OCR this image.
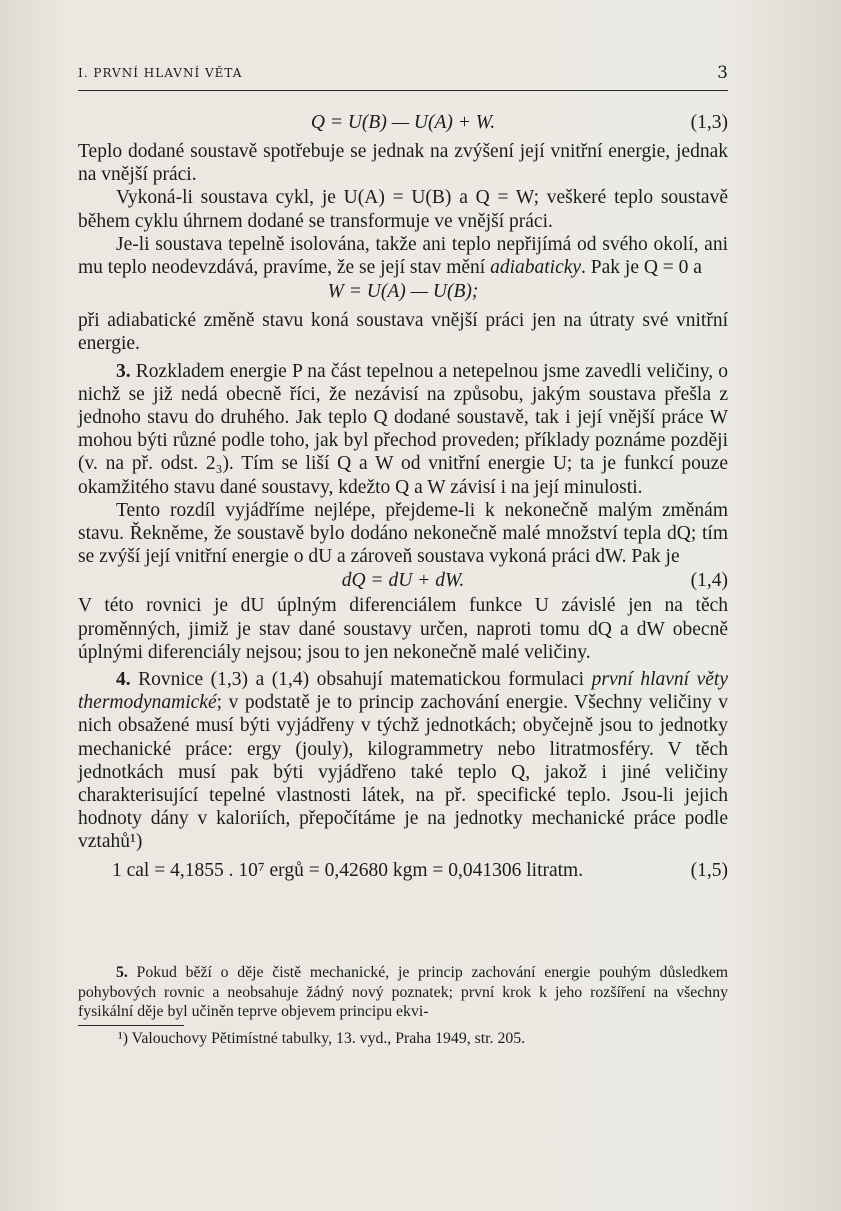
I. PRVNÍ HLAVNÍ VĚTA	3
Q = U(B) — U(A) + W.	(1,3)

Teplo dodané soustavě spotřebuje se jednak na zvýšení její vnitřní energie, jednak na vnější práci.

Vykoná-li soustava cykl, je U(A) = U(B) a Q = W; veškeré teplo soustavě během cyklu úhrnem dodané se transformuje ve vnější práci.

Je-li soustava tepelně isolována, takže ani teplo nepřijímá od svého okolí, ani mu teplo neodevzdává, pravíme, že se její stav mění adiabaticky. Pak je Q = 0 a

W = U(A) — U(B);

při adiabatické změně stavu koná soustava vnější práci jen na útraty své vnitřní energie.

3. Rozkladem energie P na část tepelnou a netepelnou jsme zavedli veličiny, o nichž se již nedá obecně říci, že nezávisí na způsobu, jakým soustava přešla z jednoho stavu do druhého. Jak teplo Q dodané soustavě, tak i její vnější práce W mohou býti různé podle toho, jak byl přechod proveden; příklady poznáme později (v. na př. odst. 2₃). Tím se liší Q a W od vnitřní energie U; ta je funkcí pouze okamžitého stavu dané soustavy, kdežto Q a W závisí i na její minulosti.

Tento rozdíl vyjádříme nejlépe, přejdeme-li k nekonečně malým změnám stavu. Řekněme, že soustavě bylo dodáno nekonečně malé množství tepla dQ; tím se zvýší její vnitřní energie o dU a zároveň soustava vykoná práci dW. Pak je

dQ = dU + dW.	(1,4)

V této rovnici je dU úplným diferenciálem funkce U závislé jen na těch proměnných, jimiž je stav dané soustavy určen, naproti tomu dQ a dW obecně úplnými diferenciály nejsou; jsou to jen nekonečně malé veličiny.

4. Rovnice (1,3) a (1,4) obsahují matematickou formulaci první hlavní věty thermodynamické; v podstatě je to princip zachování energie. Všechny veličiny v nich obsažené musí býti vyjádřeny v týchž jednotkách; obyčejně jsou to jednotky mechanické práce: ergy (jouly), kilogrammetry nebo litratmosféry. V těch jednotkách musí pak býti vyjádřeno také teplo Q, jakož i jiné veličiny charakterisující tepelné vlastnosti látek, na př. specifické teplo. Jsou-li jejich hodnoty dány v kaloriích, přepočítáme je na jednotky mechanické práce podle vztahů¹)

1 cal = 4,1855 . 10⁷ ergů = 0,42680 kgm = 0,041306 litratm.	(1,5)

5. Pokud běží o děje čistě mechanické, je princip zachování energie pouhým důsledkem pohybových rovnic a neobsahuje žádný nový poznatek; první krok k jeho rozšíření na všechny fysikální děje byl učiněn teprve objevem principu ekvi-

¹) Valouchovy Pětimístné tabulky, 13. vyd., Praha 1949, str. 205.
